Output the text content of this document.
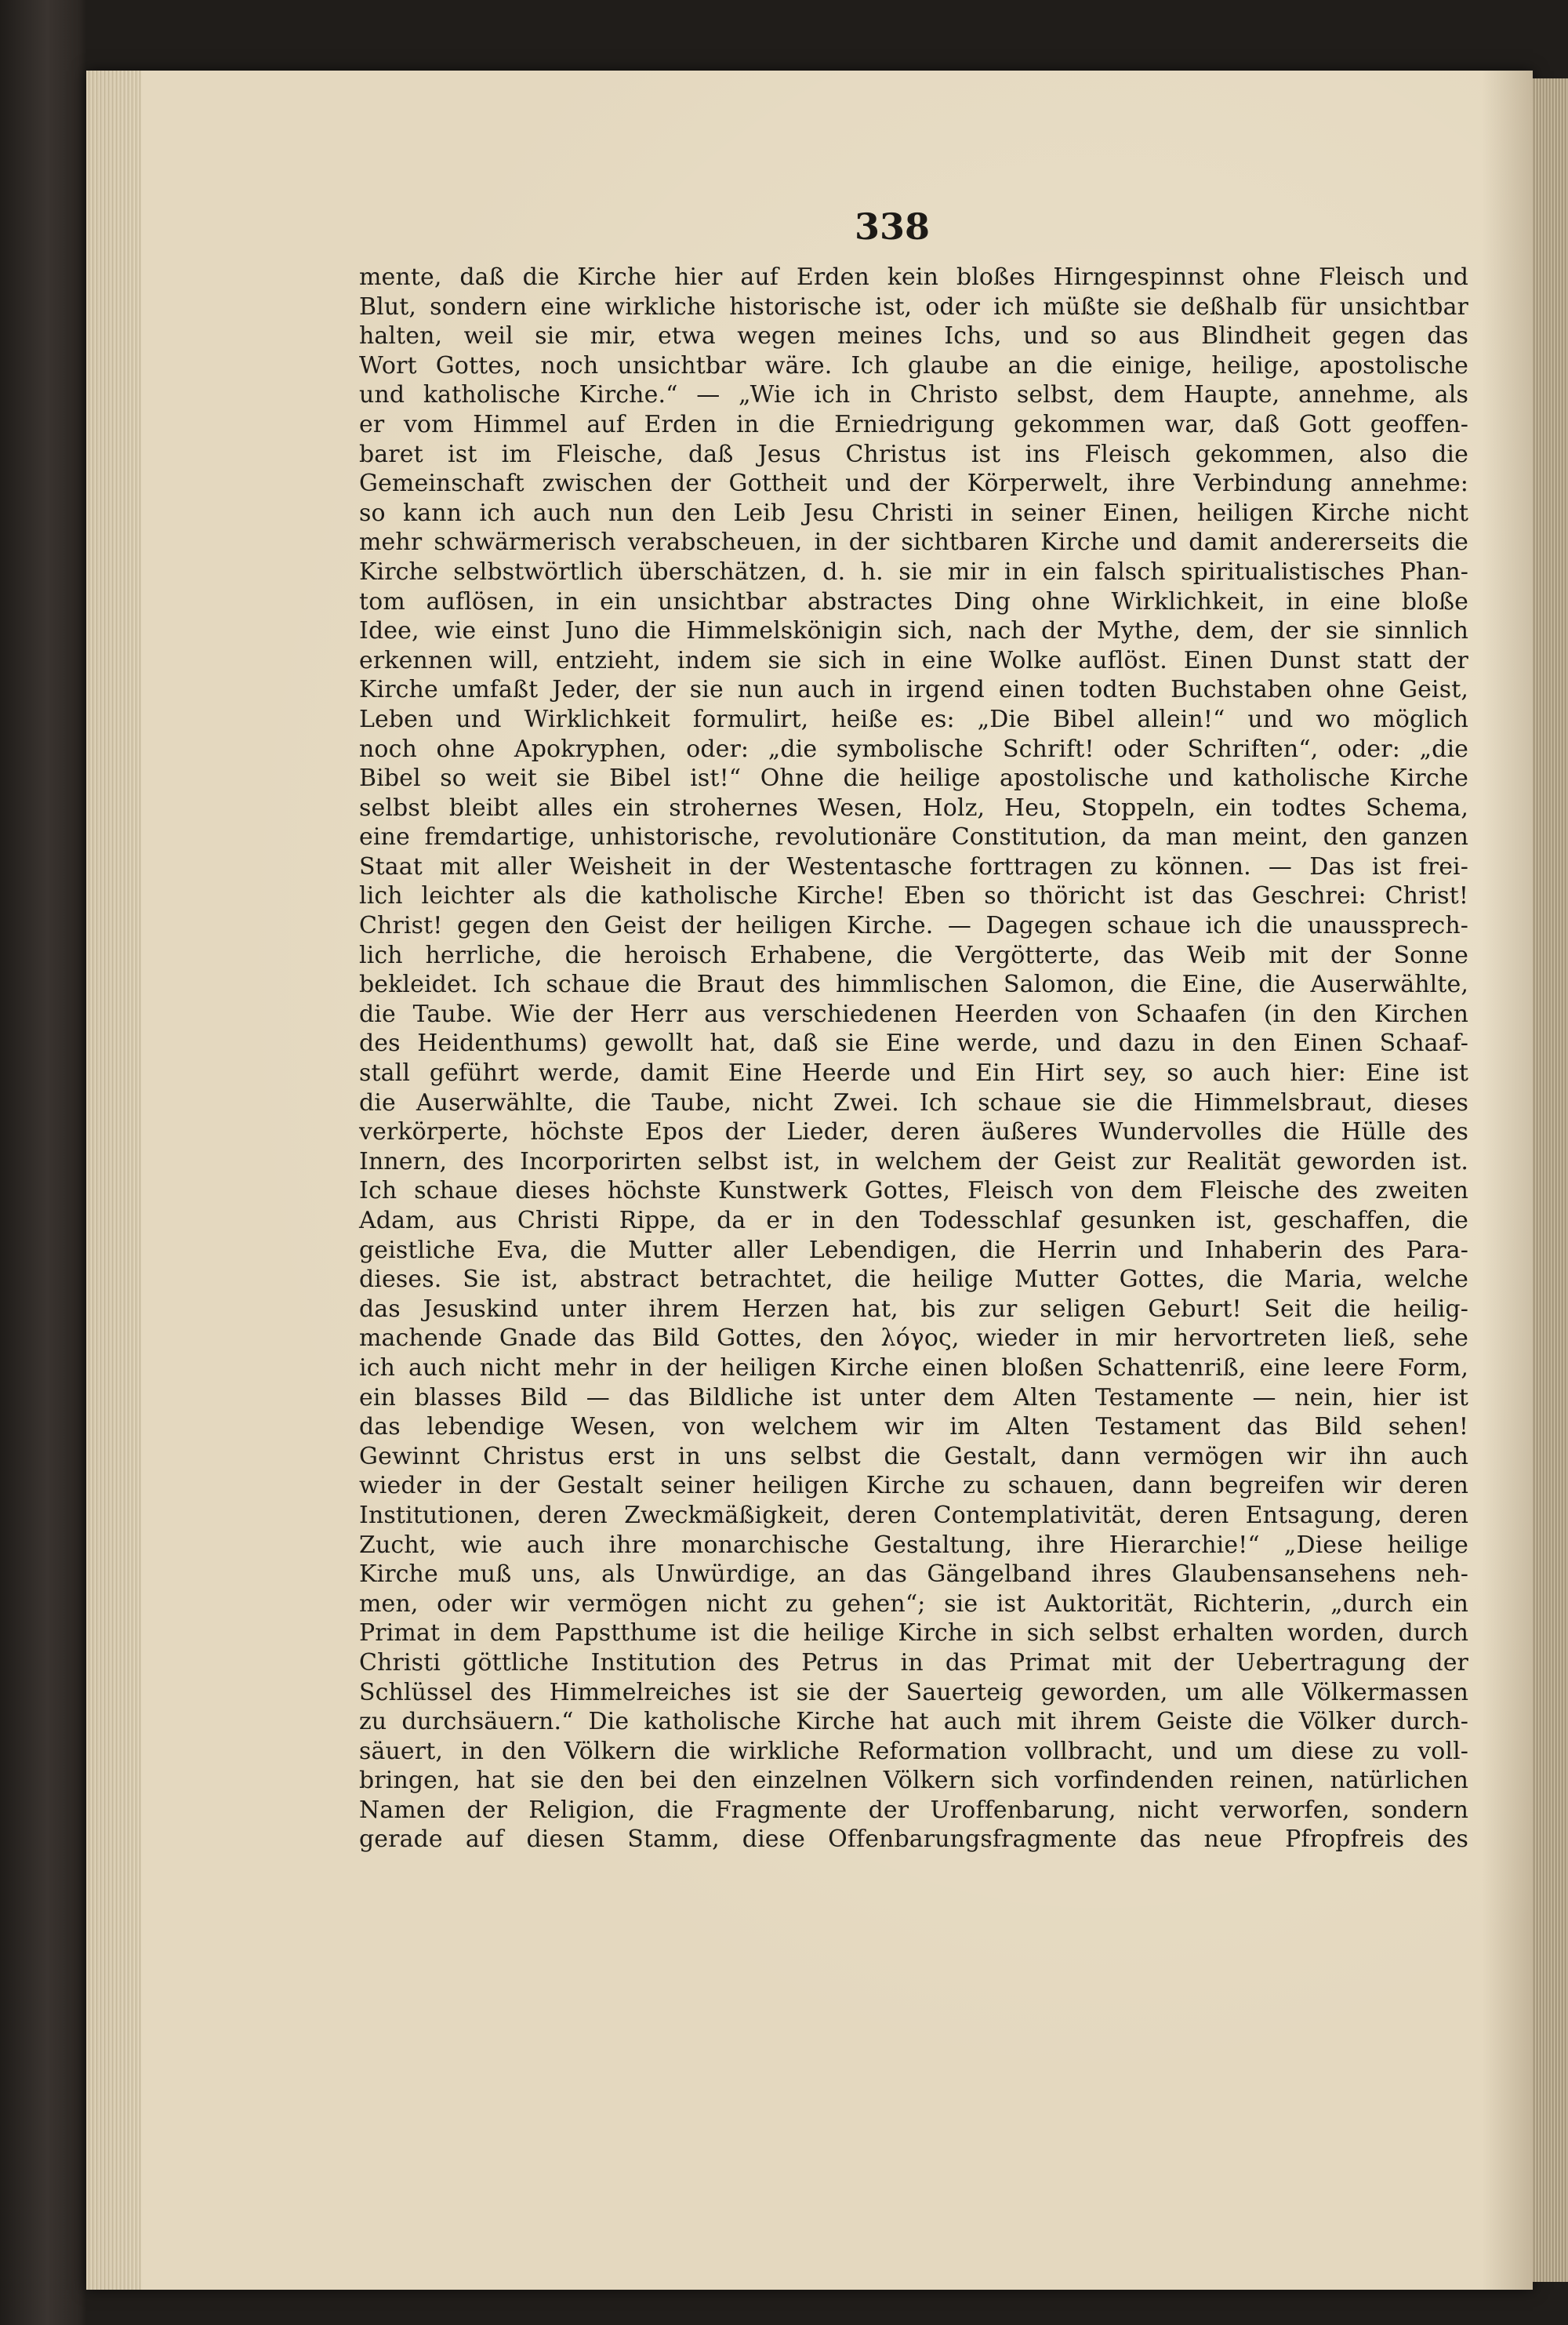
338
mente, daß die Kirche hier auf Erden kein bloßes Hirngespinnst ohne Fleisch und
Blut, sondern eine wirkliche historische ist, oder ich müßte sie deßhalb für unsichtbar
halten, weil sie mir, etwa wegen meines Ichs, und so aus Blindheit gegen das
Wort Gottes, noch unsichtbar wäre. Ich glaube an die einige, heilige, apostolische
und katholische Kirche.“ — „Wie ich in Christo selbst, dem Haupte, annehme, als
er vom Himmel auf Erden in die Erniedrigung gekommen war, daß Gott geoffen-
baret ist im Fleische, daß Jesus Christus ist ins Fleisch gekommen, also die
Gemeinschaft zwischen der Gottheit und der Körperwelt, ihre Verbindung annehme:
so kann ich auch nun den Leib Jesu Christi in seiner Einen, heiligen Kirche nicht
mehr schwärmerisch verabscheuen, in der sichtbaren Kirche und damit andererseits die
Kirche selbstwörtlich überschätzen, d. h. sie mir in ein falsch spiritualistisches Phan-
tom auflösen, in ein unsichtbar abstractes Ding ohne Wirklichkeit, in eine bloße
Idee, wie einst Juno die Himmelskönigin sich, nach der Mythe, dem, der sie sinnlich
erkennen will, entzieht, indem sie sich in eine Wolke auflöst. Einen Dunst statt der
Kirche umfaßt Jeder, der sie nun auch in irgend einen todten Buchstaben ohne Geist,
Leben und Wirklichkeit formulirt, heiße es: „Die Bibel allein!“ und wo möglich
noch ohne Apokryphen, oder: „die symbolische Schrift! oder Schriften“, oder: „die
Bibel so weit sie Bibel ist!“ Ohne die heilige apostolische und katholische Kirche
selbst bleibt alles ein strohernes Wesen, Holz, Heu, Stoppeln, ein todtes Schema,
eine fremdartige, unhistorische, revolutionäre Constitution, da man meint, den ganzen
Staat mit aller Weisheit in der Westentasche forttragen zu können. — Das ist frei-
lich leichter als die katholische Kirche! Eben so thöricht ist das Geschrei: Christ!
Christ! gegen den Geist der heiligen Kirche. — Dagegen schaue ich die unaussprech-
lich herrliche, die heroisch Erhabene, die Vergötterte, das Weib mit der Sonne
bekleidet. Ich schaue die Braut des himmlischen Salomon, die Eine, die Auserwählte,
die Taube. Wie der Herr aus verschiedenen Heerden von Schaafen (in den Kirchen
des Heidenthums) gewollt hat, daß sie Eine werde, und dazu in den Einen Schaaf-
stall geführt werde, damit Eine Heerde und Ein Hirt sey, so auch hier: Eine ist
die Auserwählte, die Taube, nicht Zwei. Ich schaue sie die Himmelsbraut, dieses
verkörperte, höchste Epos der Lieder, deren äußeres Wundervolles die Hülle des
Innern, des Incorporirten selbst ist, in welchem der Geist zur Realität geworden ist.
Ich schaue dieses höchste Kunstwerk Gottes, Fleisch von dem Fleische des zweiten
Adam, aus Christi Rippe, da er in den Todesschlaf gesunken ist, geschaffen, die
geistliche Eva, die Mutter aller Lebendigen, die Herrin und Inhaberin des Para-
dieses. Sie ist, abstract betrachtet, die heilige Mutter Gottes, die Maria, welche
das Jesuskind unter ihrem Herzen hat, bis zur seligen Geburt! Seit die heilig-
machende Gnade das Bild Gottes, den λόγος, wieder in mir hervortreten ließ, sehe
ich auch nicht mehr in der heiligen Kirche einen bloßen Schattenriß, eine leere Form,
ein blasses Bild — das Bildliche ist unter dem Alten Testamente — nein, hier ist
das lebendige Wesen, von welchem wir im Alten Testament das Bild sehen!
Gewinnt Christus erst in uns selbst die Gestalt, dann vermögen wir ihn auch
wieder in der Gestalt seiner heiligen Kirche zu schauen, dann begreifen wir deren
Institutionen, deren Zweckmäßigkeit, deren Contemplativität, deren Entsagung, deren
Zucht, wie auch ihre monarchische Gestaltung, ihre Hierarchie!“ „Diese heilige
Kirche muß uns, als Unwürdige, an das Gängelband ihres Glaubensansehens neh-
men, oder wir vermögen nicht zu gehen“; sie ist Auktorität, Richterin, „durch ein
Primat in dem Papstthume ist die heilige Kirche in sich selbst erhalten worden, durch
Christi göttliche Institution des Petrus in das Primat mit der Uebertragung der
Schlüssel des Himmelreiches ist sie der Sauerteig geworden, um alle Völkermassen
zu durchsäuern.“ Die katholische Kirche hat auch mit ihrem Geiste die Völker durch-
säuert, in den Völkern die wirkliche Reformation vollbracht, und um diese zu voll-
bringen, hat sie den bei den einzelnen Völkern sich vorfindenden reinen, natürlichen
Namen der Religion, die Fragmente der Uroffenbarung, nicht verworfen, sondern
gerade auf diesen Stamm, diese Offenbarungsfragmente das neue Pfropfreis des
